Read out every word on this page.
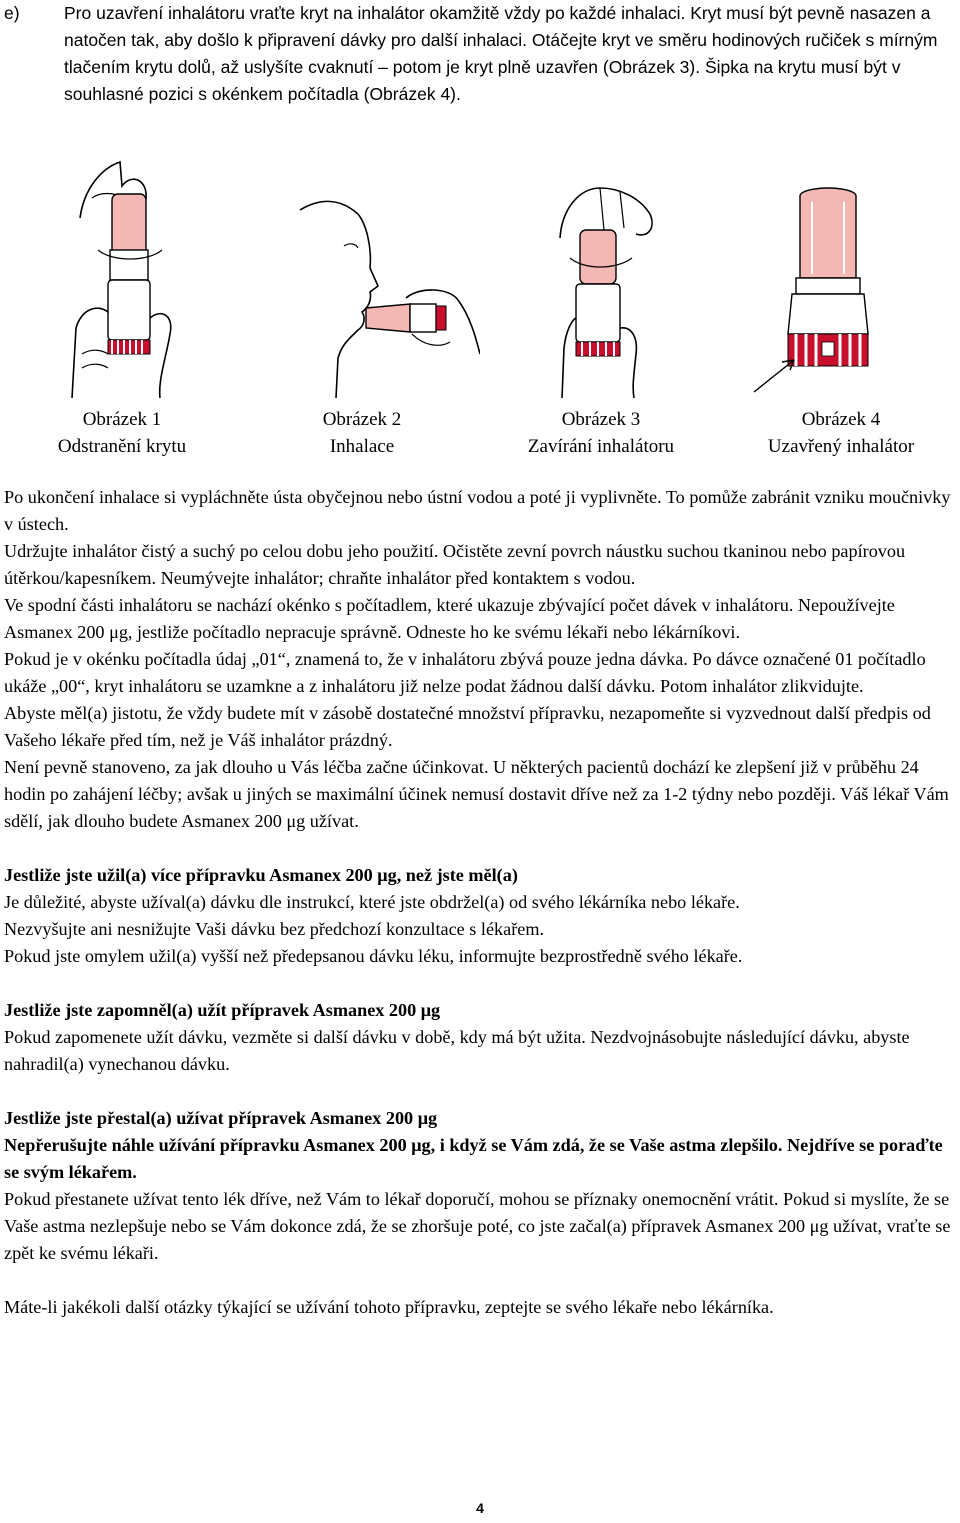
e)	Pro uzavření inhalátoru vraťte kryt na inhalátor okamžitě vždy po každé inhalaci. Kryt musí být pevně nasazen a natočen tak, aby došlo k připravení dávky pro další inhalaci. Otáčejte kryt ve směru hodinových ručiček s mírným tlačením krytu dolů, až uslyšíte cvaknutí – potom je kryt plně uzavřen (Obrázek 3). Šipka na krytu musí být v souhlasné pozici s okénkem počítadla (Obrázek 4).
Obrázek 1
Odstranění krytu
Obrázek 2
Inhalace
Obrázek 3
Zavírání inhalátoru
Obrázek 4
Uzavřený inhalátor

Po ukončení inhalace si vypláchněte ústa obyčejnou nebo ústní vodou a poté ji vyplivněte. To pomůže zabránit vzniku moučnivky v ústech.

Udržujte inhalátor čistý a suchý po celou dobu jeho použití. Očistěte zevní povrch náustku suchou tkaninou nebo papírovou útěrkou/kapesníkem. Neumývejte inhalátor; chraňte inhalátor před kontaktem s vodou.

Ve spodní části inhalátoru se nachází okénko s počítadlem, které ukazuje zbývající počet dávek v inhalátoru. Nepoužívejte Asmanex 200 μg, jestliže počítadlo nepracuje správně. Odneste ho ke svému lékaři nebo lékárníkovi.

Pokud je v okénku počítadla údaj „01“, znamená to, že v inhalátoru zbývá pouze jedna dávka. Po dávce označené 01 počítadlo ukáže „00“, kryt inhalátoru se uzamkne a z inhalátoru již nelze podat žádnou další dávku. Potom inhalátor zlikvidujte.

Abyste měl(a) jistotu, že vždy budete mít v zásobě dostatečné množství přípravku, nezapomeňte si vyzvednout další předpis od Vašeho lékaře před tím, než je Váš inhalátor prázdný.

Není pevně stanoveno, za jak dlouho u Vás léčba začne účinkovat. U některých pacientů dochází ke zlepšení již v průběhu 24 hodin po zahájení léčby; avšak u jiných se maximální účinek nemusí dostavit dříve než za 1-2 týdny nebo později. Váš lékař Vám sdělí, jak dlouho budete Asmanex 200 μg užívat.

Jestliže jste užil(a) více přípravku Asmanex 200 μg, než jste měl(a)

Je důležité, abyste užíval(a) dávku dle instrukcí, které jste obdržel(a) od svého lékárníka nebo lékaře.

Nezvyšujte ani nesnižujte Vaši dávku bez předchozí konzultace s lékařem.

Pokud jste omylem užil(a) vyšší než předepsanou dávku léku, informujte bezprostředně svého lékaře.

Jestliže jste zapomněl(a) užít přípravek Asmanex 200 μg

Pokud zapomenete užít dávku, vezměte si další dávku v době, kdy má být užita. Nezdvojnásobujte následující dávku, abyste nahradil(a) vynechanou dávku.

Jestliže jste přestal(a) užívat přípravek Asmanex 200 μg

Nepřerušujte náhle užívání přípravku Asmanex 200 μg, i když se Vám zdá, že se Vaše astma zlepšilo. Nejdříve se poraďte se svým lékařem.

Pokud přestanete užívat tento lék dříve, než Vám to lékař doporučí, mohou se příznaky onemocnění vrátit. Pokud si myslíte, že se Vaše astma nezlepšuje nebo se Vám dokonce zdá, že se zhoršuje poté, co jste začal(a) přípravek Asmanex 200 μg užívat, vraťte se zpět ke svému lékaři.

Máte-li jakékoli další otázky týkající se užívání tohoto přípravku, zeptejte se svého lékaře nebo lékárníka.

4
